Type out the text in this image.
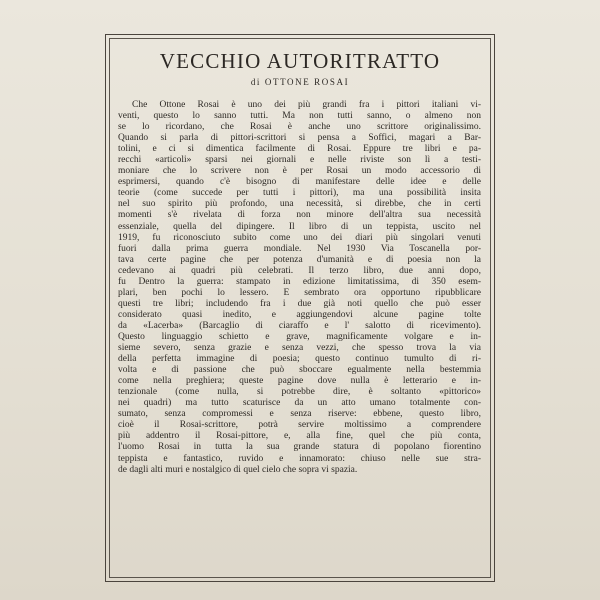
VECCHIO AUTORITRATTO

di OTTONE ROSAI

Che Ottone Rosai è uno dei più grandi fra i pittori italiani vi-
venti, questo lo sanno tutti. Ma non tutti sanno, o almeno non
se lo ricordano, che Rosai è anche uno scrittore originalissimo.
Quando si parla di pittori-scrittori si pensa a Soffici, magari a Bar-
tolini, e ci si dimentica facilmente di Rosai. Eppure tre libri e pa-
recchi «articoli» sparsi nei giornali e nelle riviste son lì a testi-
moniare che lo scrivere non è per Rosai un modo accessorio di
esprimersi, quando c'è bisogno di manifestare delle idee e delle
teorie (come succede per tutti i pittori), ma una possibilità insita
nel suo spirito più profondo, una necessità, si direbbe, che in certi
momenti s'è rivelata di forza non minore dell'altra sua necessità
essenziale, quella del dipingere. Il libro di un teppista, uscito nel
1919, fu riconosciuto subito come uno dei diari più singolari venuti
fuori dalla prima guerra mondiale. Nel 1930 Via Toscanella por-
tava certe pagine che per potenza d'umanità e di poesia non la
cedevano ai quadri più celebrati. Il terzo libro, due anni dopo,
fu Dentro la guerra: stampato in edizione limitatissima, di 350 esem-
plari, ben pochi lo lessero. È sembrato ora opportuno ripubblicare
questi tre libri; includendo fra i due già noti quello che può esser
considerato quasi inedito, e aggiungendovi alcune pagine tolte
da «Lacerba» (Barcaglio di ciaraffo e l' salotto di ricevimento).
Questo linguaggio schietto e grave, magnificamente volgare e in-
sieme severo, senza grazie e senza vezzi, che spesso trova la via
della perfetta immagine di poesia; questo continuo tumulto di ri-
volta e di passione che può sboccare egualmente nella bestemmia
come nella preghiera; queste pagine dove nulla è letterario e in-
tenzionale (come nulla, si potrebbe dire, è soltanto «pittorico»
nei quadri) ma tutto scaturisce da un atto umano totalmente con-
sumato, senza compromessi e senza riserve: ebbene, questo libro,
cioè il Rosai-scrittore, potrà servire moltissimo a comprendere
più addentro il Rosai-pittore, e, alla fine, quel che più conta,
l'uomo Rosai in tutta la sua grande statura di popolano fiorentino
teppista e fantastico, ruvido e innamorato: chiuso nelle sue stra-
de dagli alti muri e nostalgico di quel cielo che sopra vi spazia.
